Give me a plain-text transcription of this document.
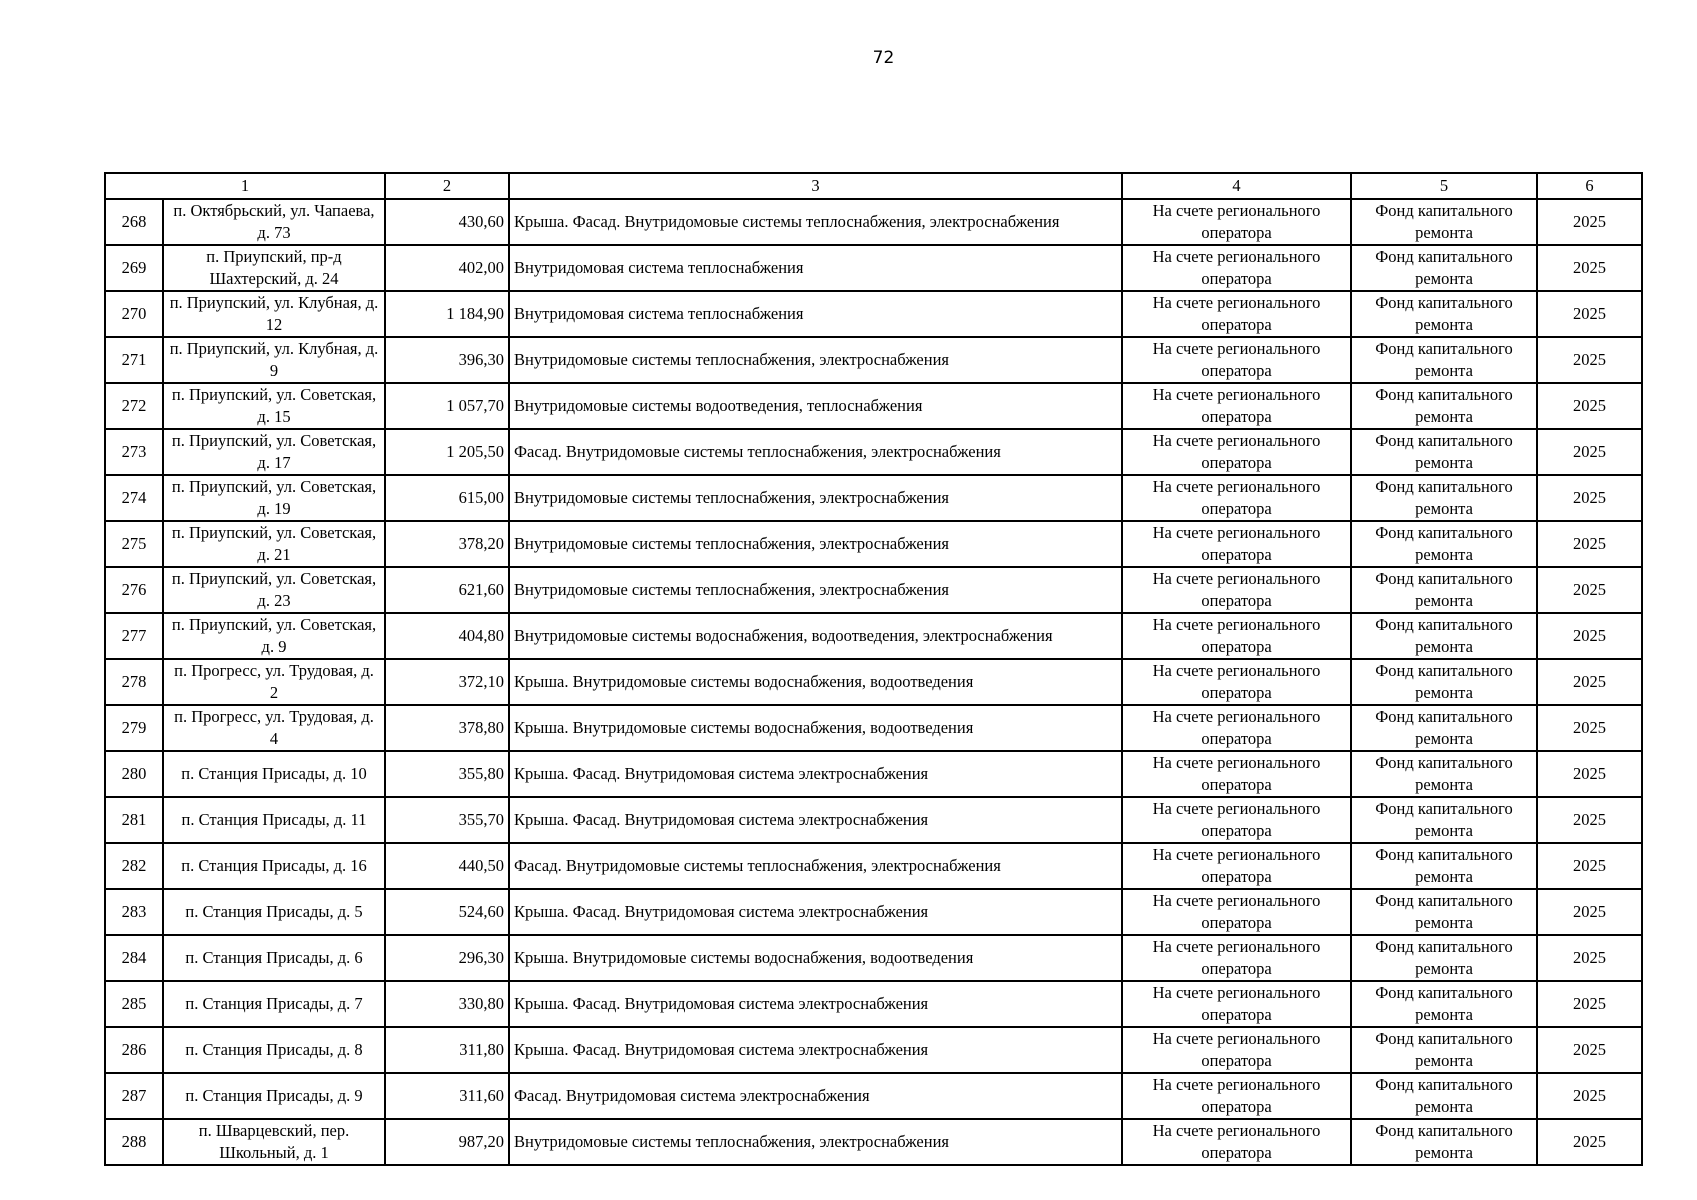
72
1		2	3	4	5	6
268	п. Октябрьский, ул. Чапаева, д. 73	430,60	Крыша. Фасад. Внутридомовые системы теплоснабжения, электроснабжения	На счете регионального оператора	Фонд капитального ремонта	2025
269	п. Приупский, пр-д Шахтерский, д. 24	402,00	Внутридомовая система теплоснабжения	На счете регионального оператора	Фонд капитального ремонта	2025
270	п. Приупский, ул. Клубная, д. 12	1 184,90	Внутридомовая система теплоснабжения	На счете регионального оператора	Фонд капитального ремонта	2025
271	п. Приупский, ул. Клубная, д. 9	396,30	Внутридомовые системы теплоснабжения, электроснабжения	На счете регионального оператора	Фонд капитального ремонта	2025
272	п. Приупский, ул. Советская, д. 15	1 057,70	Внутридомовые системы водоотведения, теплоснабжения	На счете регионального оператора	Фонд капитального ремонта	2025
273	п. Приупский, ул. Советская, д. 17	1 205,50	Фасад. Внутридомовые системы теплоснабжения, электроснабжения	На счете регионального оператора	Фонд капитального ремонта	2025
274	п. Приупский, ул. Советская, д. 19	615,00	Внутридомовые системы теплоснабжения, электроснабжения	На счете регионального оператора	Фонд капитального ремонта	2025
275	п. Приупский, ул. Советская, д. 21	378,20	Внутридомовые системы теплоснабжения, электроснабжения	На счете регионального оператора	Фонд капитального ремонта	2025
276	п. Приупский, ул. Советская, д. 23	621,60	Внутридомовые системы теплоснабжения, электроснабжения	На счете регионального оператора	Фонд капитального ремонта	2025
277	п. Приупский, ул. Советская, д. 9	404,80	Внутридомовые системы водоснабжения, водоотведения, электроснабжения	На счете регионального оператора	Фонд капитального ремонта	2025
278	п. Прогресс, ул. Трудовая, д. 2	372,10	Крыша. Внутридомовые системы водоснабжения, водоотведения	На счете регионального оператора	Фонд капитального ремонта	2025
279	п. Прогресс, ул. Трудовая, д. 4	378,80	Крыша. Внутридомовые системы водоснабжения, водоотведения	На счете регионального оператора	Фонд капитального ремонта	2025
280	п. Станция Присады, д. 10	355,80	Крыша. Фасад. Внутридомовая система электроснабжения	На счете регионального оператора	Фонд капитального ремонта	2025
281	п. Станция Присады, д. 11	355,70	Крыша. Фасад. Внутридомовая система электроснабжения	На счете регионального оператора	Фонд капитального ремонта	2025
282	п. Станция Присады, д. 16	440,50	Фасад. Внутридомовые системы теплоснабжения, электроснабжения	На счете регионального оператора	Фонд капитального ремонта	2025
283	п. Станция Присады, д. 5	524,60	Крыша. Фасад. Внутридомовая система электроснабжения	На счете регионального оператора	Фонд капитального ремонта	2025
284	п. Станция Присады, д. 6	296,30	Крыша. Внутридомовые системы водоснабжения, водоотведения	На счете регионального оператора	Фонд капитального ремонта	2025
285	п. Станция Присады, д. 7	330,80	Крыша. Фасад. Внутридомовая система электроснабжения	На счете регионального оператора	Фонд капитального ремонта	2025
286	п. Станция Присады, д. 8	311,80	Крыша. Фасад. Внутридомовая система электроснабжения	На счете регионального оператора	Фонд капитального ремонта	2025
287	п. Станция Присады, д. 9	311,60	Фасад. Внутридомовая система электроснабжения	На счете регионального оператора	Фонд капитального ремонта	2025
288	п. Шварцевский, пер. Школьный, д. 1	987,20	Внутридомовые системы теплоснабжения, электроснабжения	На счете регионального оператора	Фонд капитального ремонта	2025
